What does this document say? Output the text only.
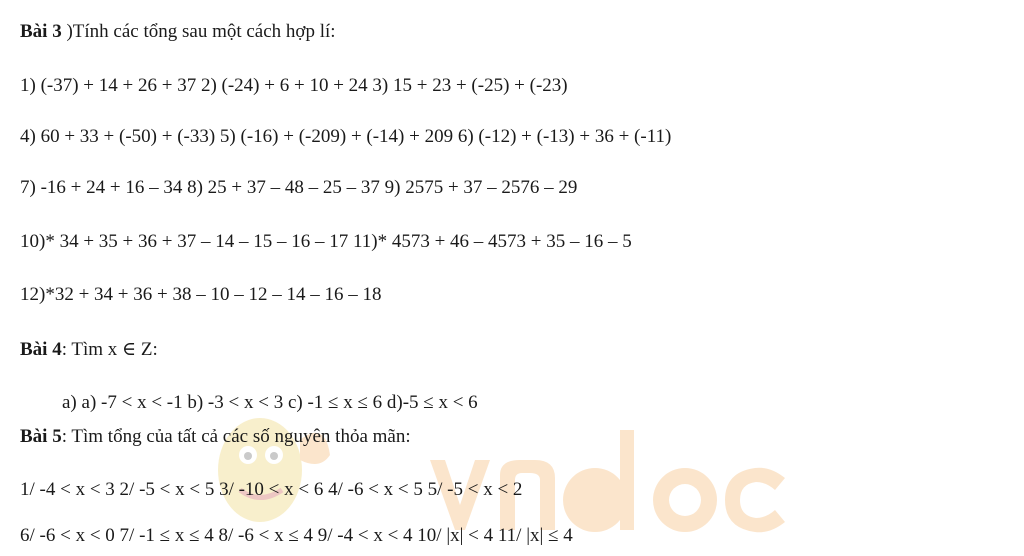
Bài 3 )Tính các tổng sau một cách hợp lí:
1) (-37) + 14 + 26 + 37 2) (-24) + 6 + 10 + 24 3) 15 + 23 + (-25) + (-23)
4) 60 + 33 + (-50) + (-33) 5) (-16) + (-209) + (-14) + 209 6) (-12) + (-13) + 36 + (-11)
7) -16 + 24 + 16 – 34 8) 25 + 37 – 48 – 25 – 37 9) 2575 + 37 – 2576 – 29
10)* 34 + 35 + 36 + 37 – 14 – 15 – 16 – 17 11)* 4573 + 46 – 4573 + 35 – 16 – 5
12)*32 + 34 + 36 + 38 – 10 – 12 – 14 – 16 – 18
Bài 4: Tìm x ∈ Z:
a) a) -7 < x < -1 b) -3 < x < 3 c) -1 ≤ x ≤ 6 d)-5 ≤ x < 6
Bài 5: Tìm tổng của tất cả các số nguyên thỏa mãn:
1/ -4 < x < 3 2/ -5 < x < 5 3/ -10 < x < 6 4/ -6 < x < 5 5/ -5 < x < 2
6/ -6 < x < 0 7/ -1 ≤ x ≤ 4 8/ -6 < x ≤ 4 9/ -4 < x < 4 10/ |x| < 4 11/ |x| ≤ 4
